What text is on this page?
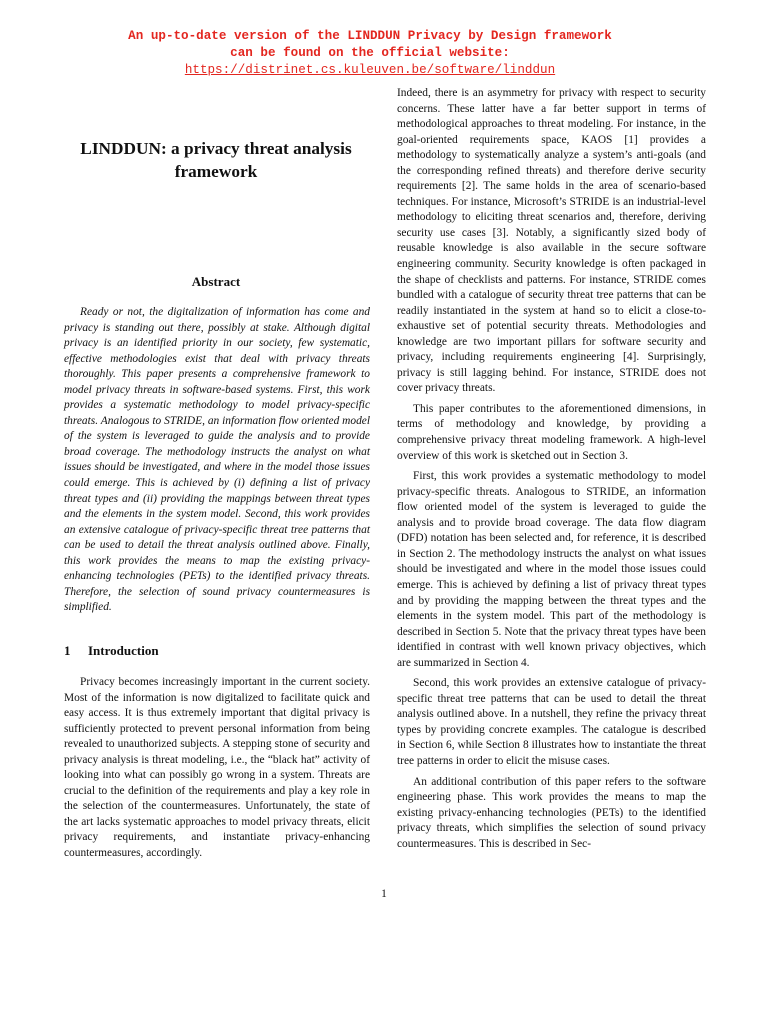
An up-to-date version of the LINDDUN Privacy by Design framework
can be found on the official website:
https://distrinet.cs.kuleuven.be/software/linddun
LINDDUN: a privacy threat analysis framework
Abstract

Ready or not, the digitalization of information has come and privacy is standing out there, possibly at stake. Although digital privacy is an identified priority in our society, few systematic, effective methodologies exist that deal with privacy threats thoroughly. This paper presents a comprehensive framework to model privacy threats in software-based systems. First, this work provides a systematic methodology to model privacy-specific threats. Analogous to STRIDE, an information flow oriented model of the system is leveraged to guide the analysis and to provide broad coverage. The methodology instructs the analyst on what issues should be investigated, and where in the model those issues could emerge. This is achieved by (i) defining a list of privacy threat types and (ii) providing the mappings between threat types and the elements in the system model. Second, this work provides an extensive catalogue of privacy-specific threat tree patterns that can be used to detail the threat analysis outlined above. Finally, this work provides the means to map the existing privacy-enhancing technologies (PETs) to the identified privacy threats. Therefore, the selection of sound privacy countermeasures is simplified.

1 Introduction

Privacy becomes increasingly important in the current society. Most of the information is now digitalized to facilitate quick and easy access. It is thus extremely important that digital privacy is sufficiently protected to prevent personal information from being revealed to unauthorized subjects. A stepping stone of security and privacy analysis is threat modeling, i.e., the “black hat” activity of looking into what can possibly go wrong in a system. Threats are crucial to the definition of the requirements and play a key role in the selection of the countermeasures. Unfortunately, the state of the art lacks systematic approaches to model privacy threats, elicit privacy requirements, and instantiate privacy-enhancing countermeasures, accordingly.

Indeed, there is an asymmetry for privacy with respect to security concerns. These latter have a far better support in terms of methodological approaches to threat modeling. For instance, in the goal-oriented requirements space, KAOS [1] provides a methodology to systematically analyze a system’s anti-goals (and the corresponding refined threats) and therefore derive security requirements [2]. The same holds in the area of scenario-based techniques. For instance, Microsoft’s STRIDE is an industrial-level methodology to eliciting threat scenarios and, therefore, deriving security use cases [3]. Notably, a significantly sized body of reusable knowledge is also available in the secure software engineering community. Security knowledge is often packaged in the shape of checklists and patterns. For instance, STRIDE comes bundled with a catalogue of security threat tree patterns that can be readily instantiated in the system at hand so to elicit a close-to-exhaustive set of potential security threats. Methodologies and knowledge are two important pillars for software security and privacy, including requirements engineering [4]. Surprisingly, privacy is still lagging behind. For instance, STRIDE does not cover privacy threats.

This paper contributes to the aforementioned dimensions, in terms of methodology and knowledge, by providing a comprehensive privacy threat modeling framework. A high-level overview of this work is sketched out in Section 3.

First, this work provides a systematic methodology to model privacy-specific threats. Analogous to STRIDE, an information flow oriented model of the system is leveraged to guide the analysis and to provide broad coverage. The data flow diagram (DFD) notation has been selected and, for reference, it is described in Section 2. The methodology instructs the analyst on what issues should be investigated and where in the model those issues could emerge. This is achieved by defining a list of privacy threat types and by providing the mapping between the threat types and the elements in the system model. This part of the methodology is described in Section 5. Note that the privacy threat types have been identified in contrast with well known privacy objectives, which are summarized in Section 4.

Second, this work provides an extensive catalogue of privacy-specific threat tree patterns that can be used to detail the threat analysis outlined above. In a nutshell, they refine the privacy threat types by providing concrete examples. The catalogue is described in Section 6, while Section 8 illustrates how to instantiate the threat tree patterns in order to elicit the misuse cases.

An additional contribution of this paper refers to the software engineering phase. This work provides the means to map the existing privacy-enhancing technologies (PETs) to the identified privacy threats, which simplifies the selection of sound privacy countermeasures. This is described in Sec-

1
